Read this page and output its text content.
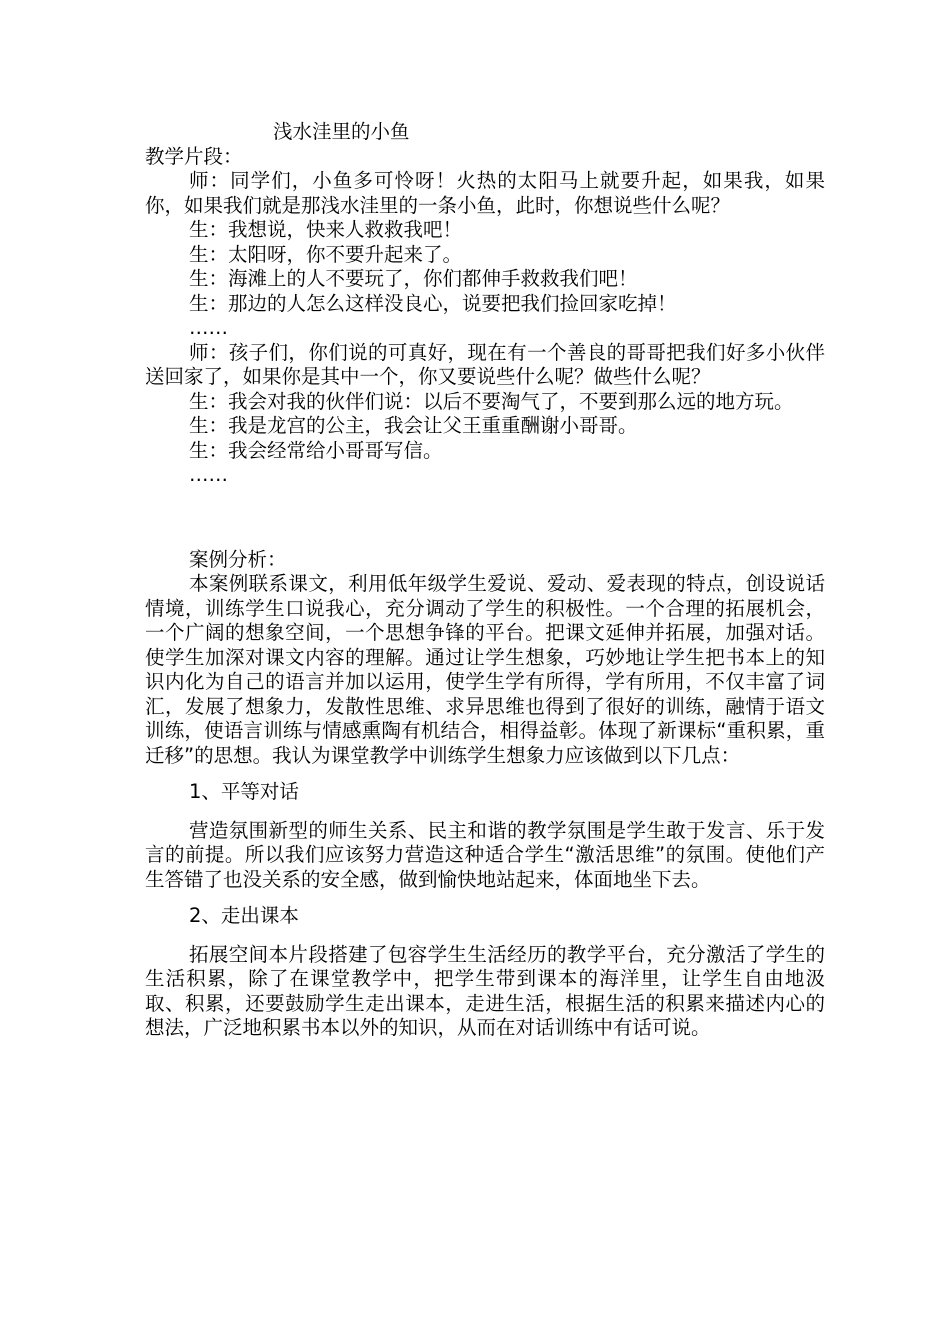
浅水洼里的小鱼

教学片段：

师：同学们，小鱼多可怜呀！火热的太阳马上就要升起，如果我，如果你，如果我们就是那浅水洼里的一条小鱼，此时，你想说些什么呢？

生：我想说，快来人救救我吧！

生：太阳呀，你不要升起来了。

生：海滩上的人不要玩了，你们都伸手救救我们吧！

生：那边的人怎么这样没良心，说要把我们捡回家吃掉！

……

师：孩子们，你们说的可真好，现在有一个善良的哥哥把我们好多小伙伴送回家了，如果你是其中一个，你又要说些什么呢？做些什么呢？

生：我会对我的伙伴们说：以后不要淘气了，不要到那么远的地方玩。

生：我是龙宫的公主，我会让父王重重酬谢小哥哥。

生：我会经常给小哥哥写信。

……

案例分析：

本案例联系课文，利用低年级学生爱说、爱动、爱表现的特点，创设说话情境，训练学生口说我心，充分调动了学生的积极性。一个合理的拓展机会，一个广阔的想象空间，一个思想争锋的平台。把课文延伸并拓展，加强对话。使学生加深对课文内容的理解。通过让学生想象，巧妙地让学生把书本上的知识内化为自己的语言并加以运用，使学生学有所得，学有所用，不仅丰富了词汇，发展了想象力，发散性思维、求异思维也得到了很好的训练，融情于语文训练，使语言训练与情感熏陶有机结合，相得益彰。体现了新课标“重积累，重迁移”的思想。我认为课堂教学中训练学生想象力应该做到以下几点：

1、平等对话

营造氛围新型的师生关系、民主和谐的教学氛围是学生敢于发言、乐于发言的前提。所以我们应该努力营造这种适合学生“激活思维”的氛围。使他们产生答错了也没关系的安全感，做到愉快地站起来，体面地坐下去。

2、走出课本

拓展空间本片段搭建了包容学生生活经历的教学平台，充分激活了学生的生活积累，除了在课堂教学中，把学生带到课本的海洋里，让学生自由地汲取、积累，还要鼓励学生走出课本，走进生活，根据生活的积累来描述内心的想法，广泛地积累书本以外的知识，从而在对话训练中有话可说。
